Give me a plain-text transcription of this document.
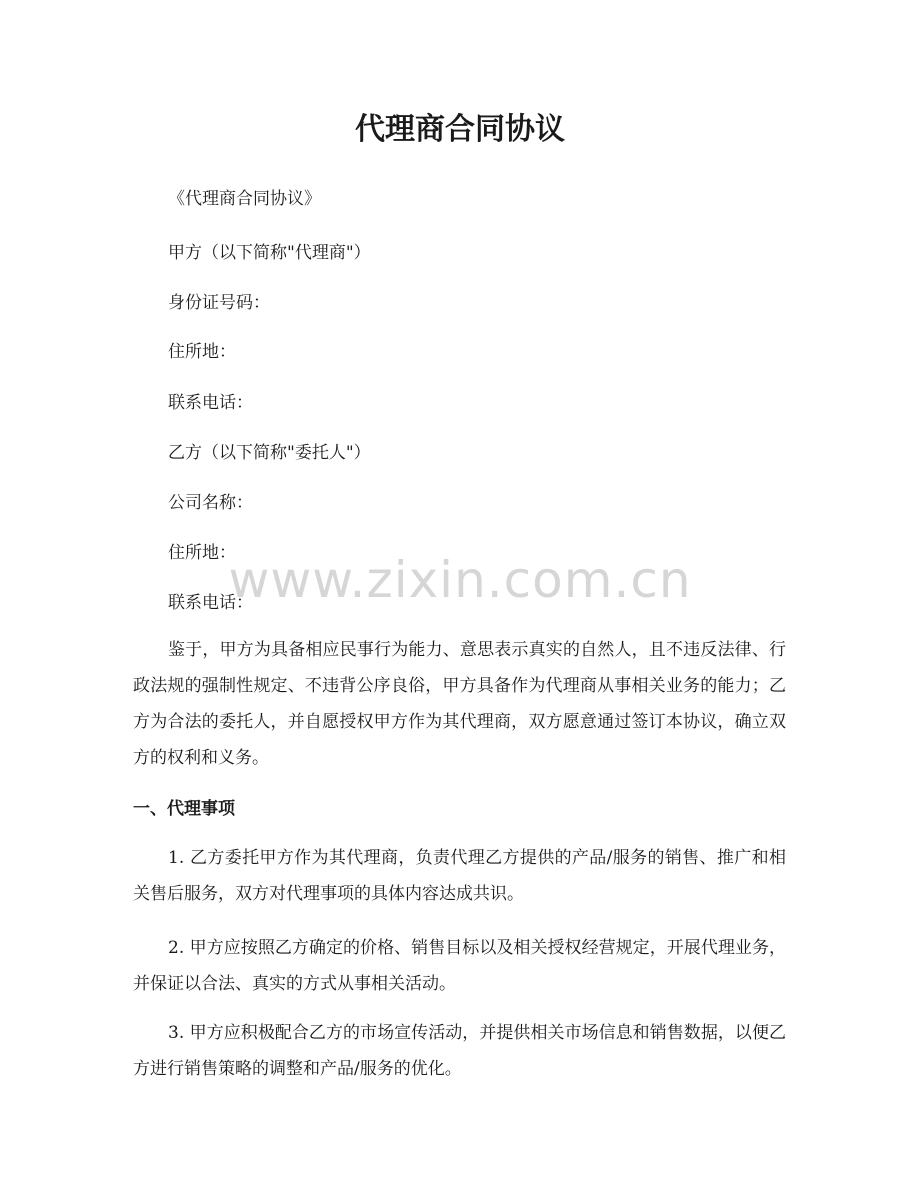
代理商合同协议

《代理商合同协议》

甲方（以下简称"代理商"）

身份证号码：

住所地：

联系电话：

乙方（以下简称"委托人"）

公司名称：

住所地：

联系电话：

鉴于，甲方为具备相应民事行为能力、意思表示真实的自然人，且不违反法律、行政法规的强制性规定、不违背公序良俗，甲方具备作为代理商从事相关业务的能力；乙方为合法的委托人，并自愿授权甲方作为其代理商，双方愿意通过签订本协议，确立双方的权利和义务。

一、代理事项

1. 乙方委托甲方作为其代理商，负责代理乙方提供的产品/服务的销售、推广和相关售后服务，双方对代理事项的具体内容达成共识。

2. 甲方应按照乙方确定的价格、销售目标以及相关授权经营规定，开展代理业务，并保证以合法、真实的方式从事相关活动。

3. 甲方应积极配合乙方的市场宣传活动，并提供相关市场信息和销售数据，以便乙方进行销售策略的调整和产品/服务的优化。

www.zixin.com.cn
